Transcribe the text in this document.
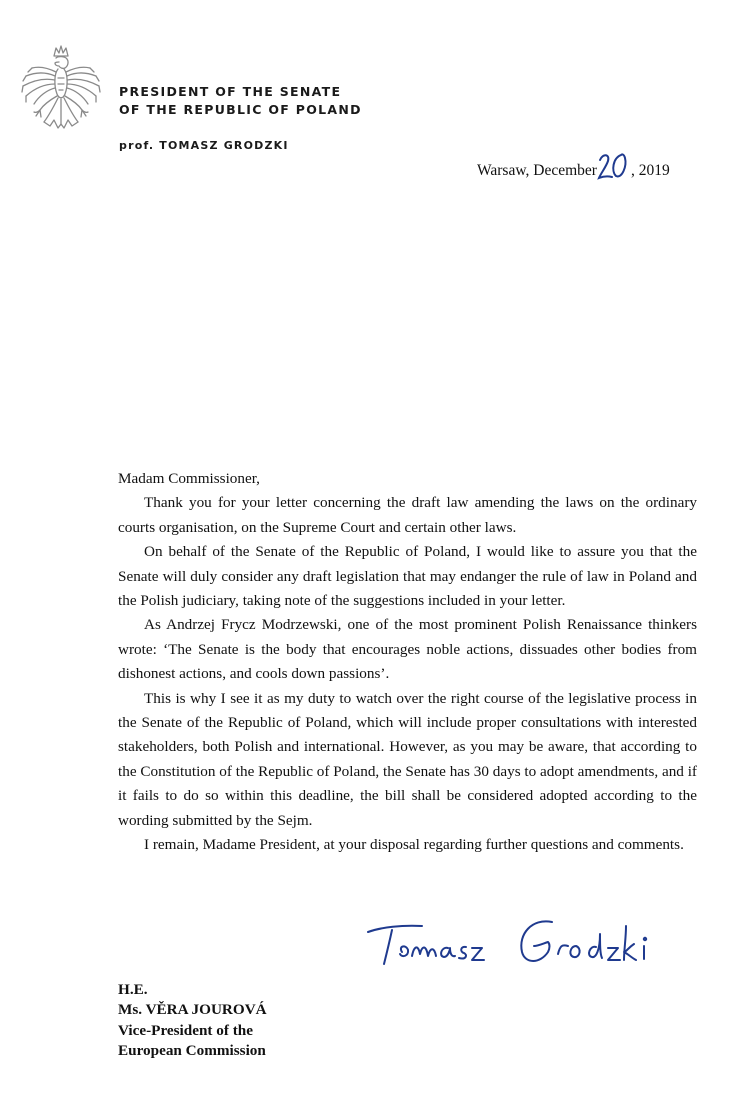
PRESIDENT OF THE SENATE
OF THE REPUBLIC OF POLAND
prof. TOMASZ GRODZKI
Warsaw, December , 2019

Madam Commissioner,

Thank you for your letter concerning the draft law amending the laws on the ordinary courts organisation, on the Supreme Court and certain other laws.

On behalf of the Senate of the Republic of Poland, I would like to assure you that the Senate will duly consider any draft legislation that may endanger the rule of law in Poland and the Polish judiciary, taking note of the suggestions included in your letter.

As Andrzej Frycz Modrzewski, one of the most prominent Polish Renaissance thinkers wrote: ‘The Senate is the body that encourages noble actions, dissuades other bodies from dishonest actions, and cools down passions’.

This is why I see it as my duty to watch over the right course of the legislative process in the Senate of the Republic of Poland, which will include proper consultations with interested stakeholders, both Polish and international. However, as you may be aware, that according to the Constitution of the Republic of Poland, the Senate has 30 days to adopt amendments, and if it fails to do so within this deadline, the bill shall be considered adopted according to the wording submitted by the Sejm.

I remain, Madame President, at your disposal regarding further questions and comments.

H.E.
Ms. VĚRA JOUROVÁ
Vice-President of the
European Commission
